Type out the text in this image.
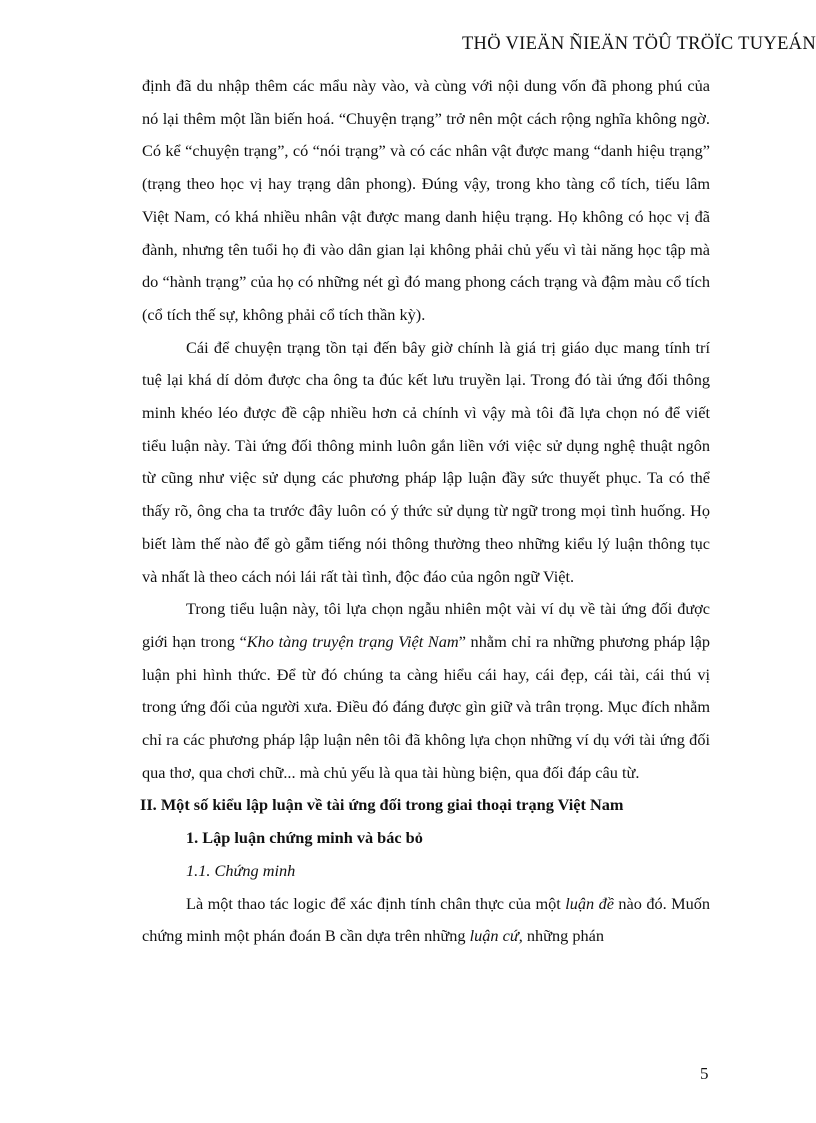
THÖ VIEÄN ÑIEÄN TÖÛ TRÖÏC TUYEÁN

định đã du nhập thêm các mẩu này vào, và cùng với nội dung vốn đã phong phú của nó lại thêm một lần biến hoá. “Chuyện trạng” trở nên một cách rộng nghĩa không ngờ. Có kể “chuyện trạng”, có “nói trạng” và có các nhân vật được mang “danh hiệu trạng” (trạng theo học vị hay trạng dân phong). Đúng vậy, trong kho tàng cổ tích, tiếu lâm Việt Nam, có khá nhiều nhân vật được mang danh hiệu trạng. Họ không có học vị đã đành, nhưng tên tuổi họ đi vào dân gian lại không phải chủ yếu vì tài năng học tập mà do “hành trạng” của họ có những nét gì đó mang phong cách trạng và đậm màu cổ tích (cổ tích thế sự, không phải cổ tích thần kỳ).

Cái để chuyện trạng tồn tại đến bây giờ chính là giá trị giáo dục mang tính trí tuệ lại khá dí dỏm được cha ông ta đúc kết lưu truyền lại. Trong đó tài ứng đối thông minh khéo léo được đề cập nhiều hơn cả chính vì vậy mà tôi đã lựa chọn nó để viết tiểu luận này. Tài ứng đối thông minh luôn gắn liền với việc sử dụng nghệ thuật ngôn từ cũng như việc sử dụng các phương pháp lập luận đầy sức thuyết phục. Ta có thể thấy rõ, ông cha ta trước đây luôn có ý thức sử dụng từ ngữ trong mọi tình huống. Họ biết làm thế nào để gò gẫm tiếng nói thông thường theo những kiểu lý luận thông tục và nhất là theo cách nói lái rất tài tình, độc đáo của ngôn ngữ Việt.

Trong tiểu luận này, tôi lựa chọn ngẫu nhiên một vài ví dụ về tài ứng đối được giới hạn trong “Kho tàng truyện trạng Việt Nam” nhằm chỉ ra những phương pháp lập luận phi hình thức. Để từ đó chúng ta càng hiểu cái hay, cái đẹp, cái tài, cái thú vị trong ứng đối của người xưa. Điều đó đáng được gìn giữ và trân trọng. Mục đích nhằm chỉ ra các phương pháp lập luận nên tôi đã không lựa chọn những ví dụ với tài ứng đối qua thơ, qua chơi chữ... mà chủ yếu là qua tài hùng biện, qua đối đáp câu từ.

II. Một số kiểu lập luận về tài ứng đối trong giai thoại trạng Việt Nam

1. Lập luận chứng minh và bác bỏ

1.1. Chứng minh

Là một thao tác logic để xác định tính chân thực của một luận đề nào đó. Muốn chứng minh một phán đoán B cần dựa trên những luận cứ, những phán

5
